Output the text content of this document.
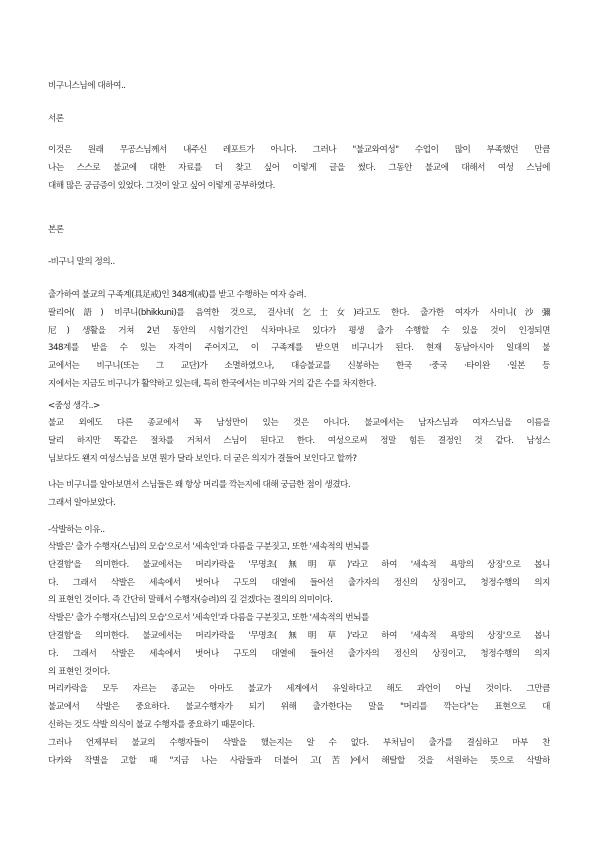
비구니스님에 대하여..

서론

이것은 원래 무공스님께서 내주신 레포트가 아니다. 그러나 "불교와여성" 수업이 많이 부족했던 만큼

나는 스스로 불교에 대한 자료를 더 찾고 싶어 이렇게 글을 썼다. 그동안 불교에 대해서 여성 스님에

대해 많은 궁금증이 있었다. 그것이 알고 싶어 이렇게 공부하였다.

본론

-비구니 말의 정의..

출가하여 불교의 구족계(具足戒)인 348계(戒)를 받고 수행하는 여자 승려.

팔리어(語) 비쿠니(bhikkuni)를 음역한 것으로, 걸사녀(乞士女)라고도 한다. 출가한 여자가 사미니(沙彌

尼) 생활을 거쳐 2년 동안의 시험기간인 식차마나로 있다가 평생 출가 수행할 수 있을 것이 인정되면

348계를 받을 수 있는 자격이 주어지고, 이 구족계를 받으면 비구니가 된다. 현재 동남아시아 일대의 불

교에서는 비구니(또는 그 교단)가 소멸하였으나, 대승불교를 신봉하는 한국 ·중국 ·타이완 ·일본 등

지에서는 지금도 비구니가 활약하고 있는데, 특히 한국에서는 비구와 거의 같은 수를 차지한다.

<줌성 생각..>

불교 외에도 다른 종교에서 꼭 남성만이 있는 것은 아니다. 불교에서는 남자스님과 여자스님을 이름을

달리 하지만 똑같은 절차를 거쳐서 스님이 된다고 한다. 여성으로써 정말 힘든 결정인 것 같다. 남성스

님보다도 왠지 여성스님을 보면 뭔가 달라 보인다. 더 굳은 의지가 결들어 보인다고 할까?

나는 비구니를 알아보면서 스님들은 왜 항상 머리를 깍는지에 대해 궁금한 점이 생겼다.

그래서 알아보았다.

-삭발하는 이유..

삭발은' 출가 수행자(스님)의 모습'으로서 '세속인'과 다름을 구분짓고, 또한 '세속적의 번뇌를

단결함'을 의미한다. 불교에서는 머리카락을 '무명초(無明草)'라고 하여 '세속적 욕망의 상징'으로 봅니

다. 그래서 삭발은 세속에서 벗어나 구도의 대열에 들어선 출가자의 정신의 상징이고, 청정수행의 의지

의 표현인 것이다. 즉 간단히 말해서 수행자(승려)의 길 걷겠다는 결의의 의미이다.

삭발은' 출가 수행자(스님)의 모습'으로서 '세속인'과 다름을 구분짓고, 또한 '세속적의 번뇌를

단결함'을 의미한다. 불교에서는 머리카락을 '무명초(無明草)'라고 하여 '세속적 욕망의 상징'으로 봅니

다. 그래서 삭발은 세속에서 벗어나 구도의 대열에 들어선 출가자의 정신의 상징이고, 청정수행의 의지

의 표현인 것이다.

머리카락을 모두 자르는 종교는 아마도 불교가 세계에서 유일하다고 해도 과언이 아닐 것이다. 그만큼

불교에서 삭발은 중요하다. 불교수행자가 되기 위해 출가한다는 말을 "머리를 깍는다"는 표현으로 대

신하는 것도 삭발 의식이 불교 수행자를 중요하기 때문이다.

그러나 언제부터 불교의 수행자들이 삭발을 했는지는 알 수 없다. 부처님이 출가를 결심하고 마부 찬

다카와 작별을 고할 때 "지금 나는 사람들과 더불어 고(苦)에서 해탈할 것을 서원하는 뜻으로 삭발하
